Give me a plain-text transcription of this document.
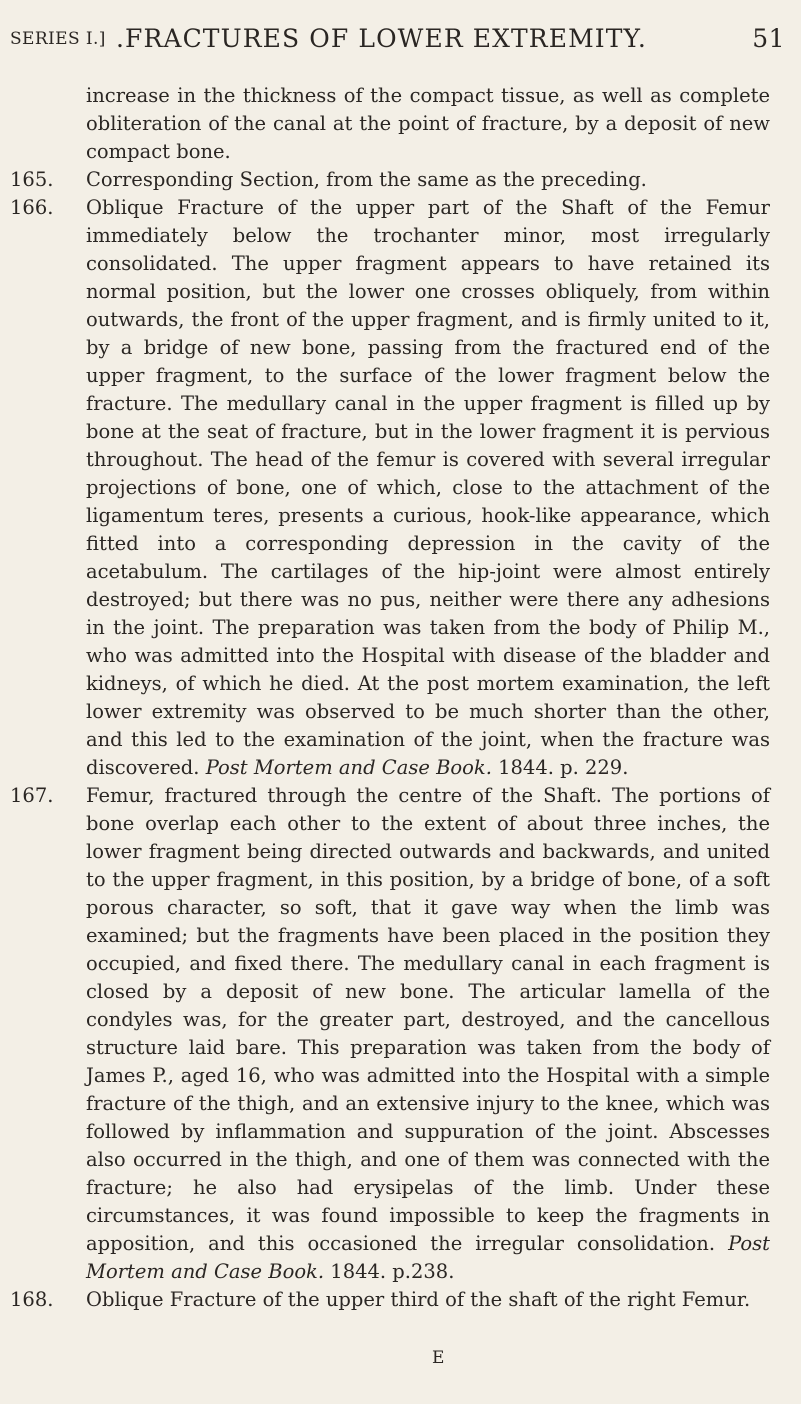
SERIES I.] .FRACTURES OF LOWER EXTREMITY.	51

increase in the thickness of the compact tissue, as well as complete obliteration of the canal at the point of fracture, by a deposit of new compact bone.

165. Corresponding Section, from the same as the preceding.

166. Oblique Fracture of the upper part of the Shaft of the Femur immediately below the trochanter minor, most irregularly consolidated. The upper fragment appears to have retained its normal position, but the lower one crosses obliquely, from within outwards, the front of the upper fragment, and is firmly united to it, by a bridge of new bone, passing from the fractured end of the upper fragment, to the surface of the lower fragment below the fracture. The medullary canal in the upper fragment is filled up by bone at the seat of fracture, but in the lower fragment it is pervious throughout. The head of the femur is covered with several irregular projections of bone, one of which, close to the attachment of the ligamentum teres, presents a curious, hook-like appearance, which fitted into a corresponding depression in the cavity of the acetabulum. The cartilages of the hip-joint were almost entirely destroyed; but there was no pus, neither were there any adhesions in the joint. The preparation was taken from the body of Philip M., who was admitted into the Hospital with disease of the bladder and kidneys, of which he died. At the post mortem examination, the left lower extremity was observed to be much shorter than the other, and this led to the examination of the joint, when the fracture was discovered. Post Mortem and Case Book. 1844. p. 229.

167. Femur, fractured through the centre of the Shaft. The portions of bone overlap each other to the extent of about three inches, the lower fragment being directed outwards and backwards, and united to the upper fragment, in this position, by a bridge of bone, of a soft porous character, so soft, that it gave way when the limb was examined; but the fragments have been placed in the position they occupied, and fixed there. The medullary canal in each fragment is closed by a deposit of new bone. The articular lamella of the condyles was, for the greater part, destroyed, and the cancellous structure laid bare. This preparation was taken from the body of James P., aged 16, who was admitted into the Hospital with a simple fracture of the thigh, and an extensive injury to the knee, which was followed by inflammation and suppuration of the joint. Abscesses also occurred in the thigh, and one of them was connected with the fracture; he also had erysipelas of the limb. Under these circumstances, it was found impossible to keep the fragments in apposition, and this occasioned the irregular consolidation. Post Mortem and Case Book. 1844. p.238.

168. Oblique Fracture of the upper third of the shaft of the right Femur.

E
